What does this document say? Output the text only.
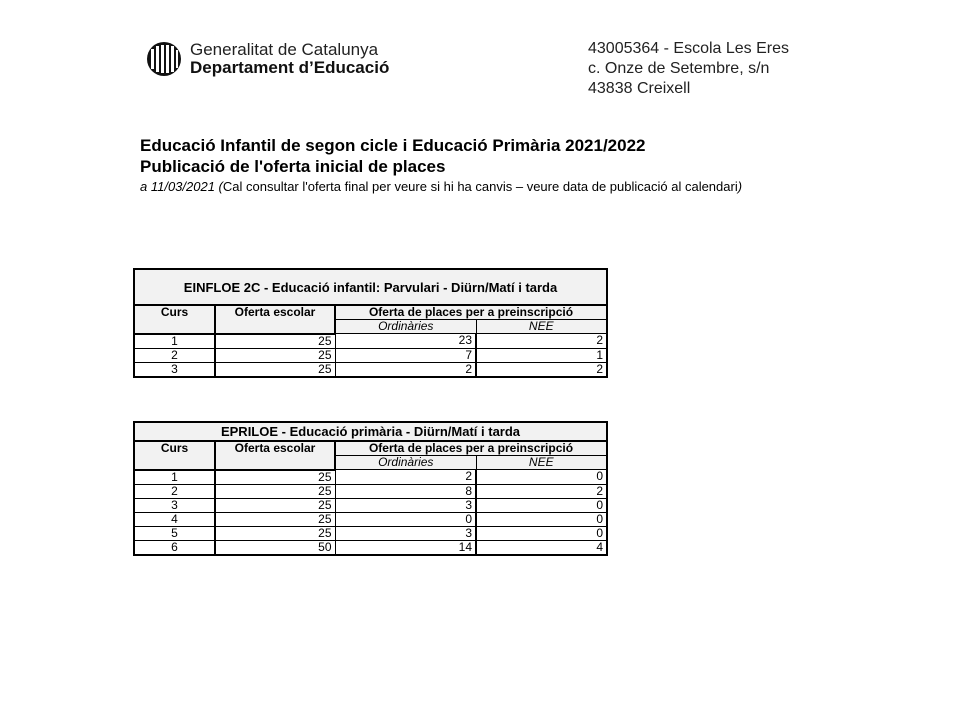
Generalitat de Catalunya
Departament d’Educació
43005364 - Escola Les Eres
c. Onze de Setembre, s/n
43838 Creixell
Educació Infantil de segon cicle i Educació Primària 2021/2022
Publicació de l'oferta inicial de places
a 11/03/2021 (Cal consultar l'oferta final per veure si hi ha canvis – veure data de publicació al calendari)
EINFLOE 2C - Educació infantil: Parvulari - Diürn/Matí i tarda			
Curs	Oferta escolar	Oferta de places per a preinscripció	
		Ordinàries	NEE
1	25	23	2
2	25	7	1
3	25	2	2
EPRILOE - Educació primària - Diürn/Matí i tarda			
Curs	Oferta escolar	Oferta de places per a preinscripció	
		Ordinàries	NEE
1	25	2	0
2	25	8	2
3	25	3	0
4	25	0	0
5	25	3	0
6	50	14	4
